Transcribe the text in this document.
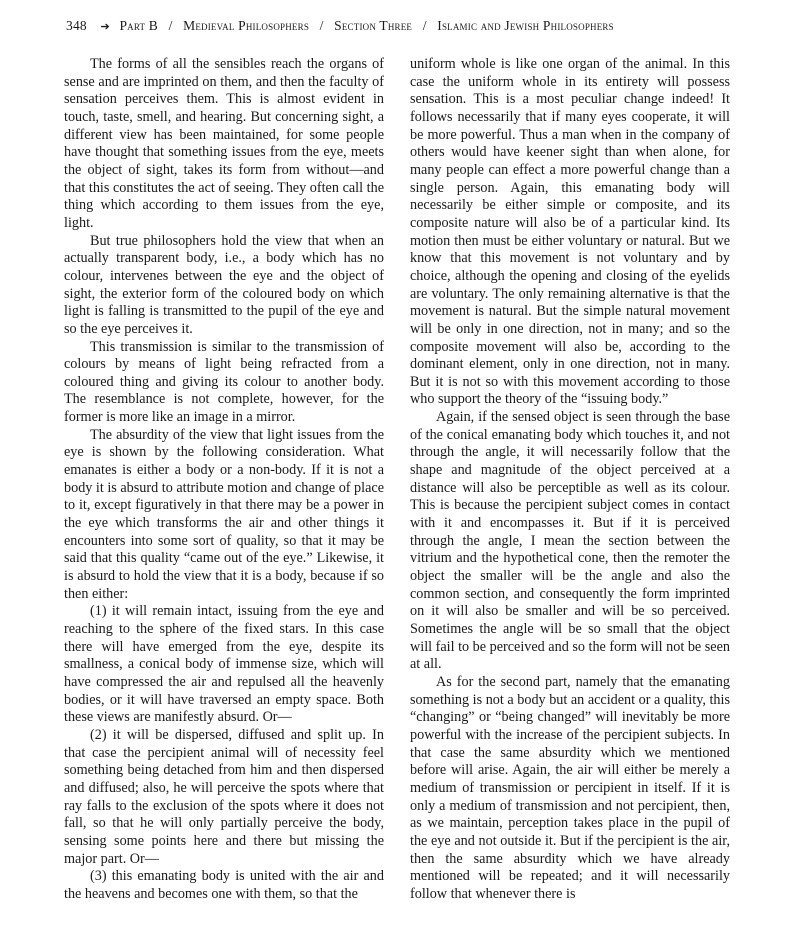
348 ➔ Part B / Medieval Philosophers / Section Three / Islamic and Jewish Philosophers

The forms of all the sensibles reach the organs of sense and are imprinted on them, and then the faculty of sensation perceives them. This is almost evident in touch, taste, smell, and hearing. But concerning sight, a different view has been maintained, for some people have thought that something issues from the eye, meets the object of sight, takes its form from without—and that this constitutes the act of seeing. They often call the thing which according to them issues from the eye, light.

But true philosophers hold the view that when an actually transparent body, i.e., a body which has no colour, intervenes between the eye and the object of sight, the exterior form of the coloured body on which light is falling is transmitted to the pupil of the eye and so the eye perceives it.

This transmission is similar to the transmission of colours by means of light being refracted from a coloured thing and giving its colour to another body. The resemblance is not complete, however, for the former is more like an image in a mirror.

The absurdity of the view that light issues from the eye is shown by the following consideration. What emanates is either a body or a non-body. If it is not a body it is absurd to attribute motion and change of place to it, except figuratively in that there may be a power in the eye which transforms the air and other things it encounters into some sort of quality, so that it may be said that this quality “came out of the eye.” Likewise, it is absurd to hold the view that it is a body, because if so then either:

(1) it will remain intact, issuing from the eye and reaching to the sphere of the fixed stars. In this case there will have emerged from the eye, despite its smallness, a conical body of immense size, which will have compressed the air and repulsed all the heavenly bodies, or it will have traversed an empty space. Both these views are manifestly absurd. Or—

(2) it will be dispersed, diffused and split up. In that case the percipient animal will of necessity feel something being detached from him and then dispersed and diffused; also, he will perceive the spots where that ray falls to the exclusion of the spots where it does not fall, so that he will only partially perceive the body, sensing some points here and there but missing the major part. Or—

(3) this emanating body is united with the air and the heavens and becomes one with them, so that the

uniform whole is like one organ of the animal. In this case the uniform whole in its entirety will possess sensation. This is a most peculiar change indeed! It follows necessarily that if many eyes cooperate, it will be more powerful. Thus a man when in the company of others would have keener sight than when alone, for many people can effect a more powerful change than a single person. Again, this emanating body will necessarily be either simple or composite, and its composite nature will also be of a particular kind. Its motion then must be either voluntary or natural. But we know that this movement is not voluntary and by choice, although the opening and closing of the eyelids are voluntary. The only remaining alternative is that the movement is natural. But the simple natural movement will be only in one direction, not in many; and so the composite movement will also be, according to the dominant element, only in one direction, not in many. But it is not so with this movement according to those who support the theory of the “issuing body.”

Again, if the sensed object is seen through the base of the conical emanating body which touches it, and not through the angle, it will necessarily follow that the shape and magnitude of the object perceived at a distance will also be perceptible as well as its colour. This is because the percipient subject comes in contact with it and encompasses it. But if it is perceived through the angle, I mean the section between the vitrium and the hypothetical cone, then the remoter the object the smaller will be the angle and also the common section, and consequently the form imprinted on it will also be smaller and will be so perceived. Sometimes the angle will be so small that the object will fail to be perceived and so the form will not be seen at all.

As for the second part, namely that the emanating something is not a body but an accident or a quality, this “changing” or “being changed” will inevitably be more powerful with the increase of the percipient subjects. In that case the same absurdity which we mentioned before will arise. Again, the air will either be merely a medium of transmission or percipient in itself. If it is only a medium of transmission and not percipient, then, as we maintain, perception takes place in the pupil of the eye and not outside it. But if the percipient is the air, then the same absurdity which we have already mentioned will be repeated; and it will necessarily follow that whenever there is
